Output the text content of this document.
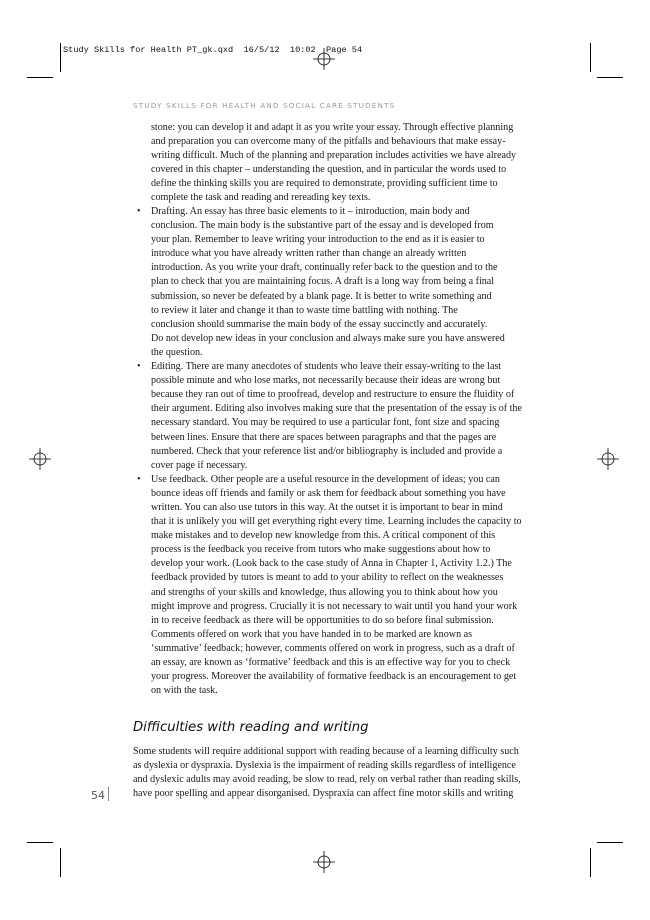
Study Skills for Health PT_gk.qxd  16/5/12  10:02  Page 54
STUDY SKILLS FOR HEALTH AND SOCIAL CARE STUDENTS
stone: you can develop it and adapt it as you write your essay. Through effective planning
and preparation you can overcome many of the pitfalls and behaviours that make essay-
writing difficult. Much of the planning and preparation includes activities we have already
covered in this chapter – understanding the question, and in particular the words used to
define the thinking skills you are required to demonstrate, providing sufficient time to
complete the task and reading and rereading key texts.
• Drafting. An essay has three basic elements to it – introduction, main body and
conclusion. The main body is the substantive part of the essay and is developed from
your plan. Remember to leave writing your introduction to the end as it is easier to
introduce what you have already written rather than change an already written
introduction. As you write your draft, continually refer back to the question and to the
plan to check that you are maintaining focus. A draft is a long way from being a final
submission, so never be defeated by a blank page. It is better to write something and
to review it later and change it than to waste time battling with nothing. The
conclusion should summarise the main body of the essay succinctly and accurately.
Do not develop new ideas in your conclusion and always make sure you have answered
the question.
• Editing. There are many anecdotes of students who leave their essay-writing to the last
possible minute and who lose marks, not necessarily because their ideas are wrong but
because they ran out of time to proofread, develop and restructure to ensure the fluidity of
their argument. Editing also involves making sure that the presentation of the essay is of the
necessary standard. You may be required to use a particular font, font size and spacing
between lines. Ensure that there are spaces between paragraphs and that the pages are
numbered. Check that your reference list and/or bibliography is included and provide a
cover page if necessary.
• Use feedback. Other people are a useful resource in the development of ideas; you can
bounce ideas off friends and family or ask them for feedback about something you have
written. You can also use tutors in this way. At the outset it is important to bear in mind
that it is unlikely you will get everything right every time. Learning includes the capacity to
make mistakes and to develop new knowledge from this. A critical component of this
process is the feedback you receive from tutors who make suggestions about how to
develop your work. (Look back to the case study of Anna in Chapter 1, Activity 1.2.) The
feedback provided by tutors is meant to add to your ability to reflect on the weaknesses
and strengths of your skills and knowledge, thus allowing you to think about how you
might improve and progress. Crucially it is not necessary to wait until you hand your work
in to receive feedback as there will be opportunities to do so before final submission.
Comments offered on work that you have handed in to be marked are known as
‘summative’ feedback; however, comments offered on work in progress, such as a draft of
an essay, are known as ‘formative’ feedback and this is an effective way for you to check
your progress. Moreover the availability of formative feedback is an encouragement to get
on with the task.
Difficulties with reading and writing
Some students will require additional support with reading because of a learning difficulty such
as dyslexia or dyspraxia. Dyslexia is the impairment of reading skills regardless of intelligence
and dyslexic adults may avoid reading, be slow to read, rely on verbal rather than reading skills,
have poor spelling and appear disorganised. Dyspraxia can affect fine motor skills and writing
54
